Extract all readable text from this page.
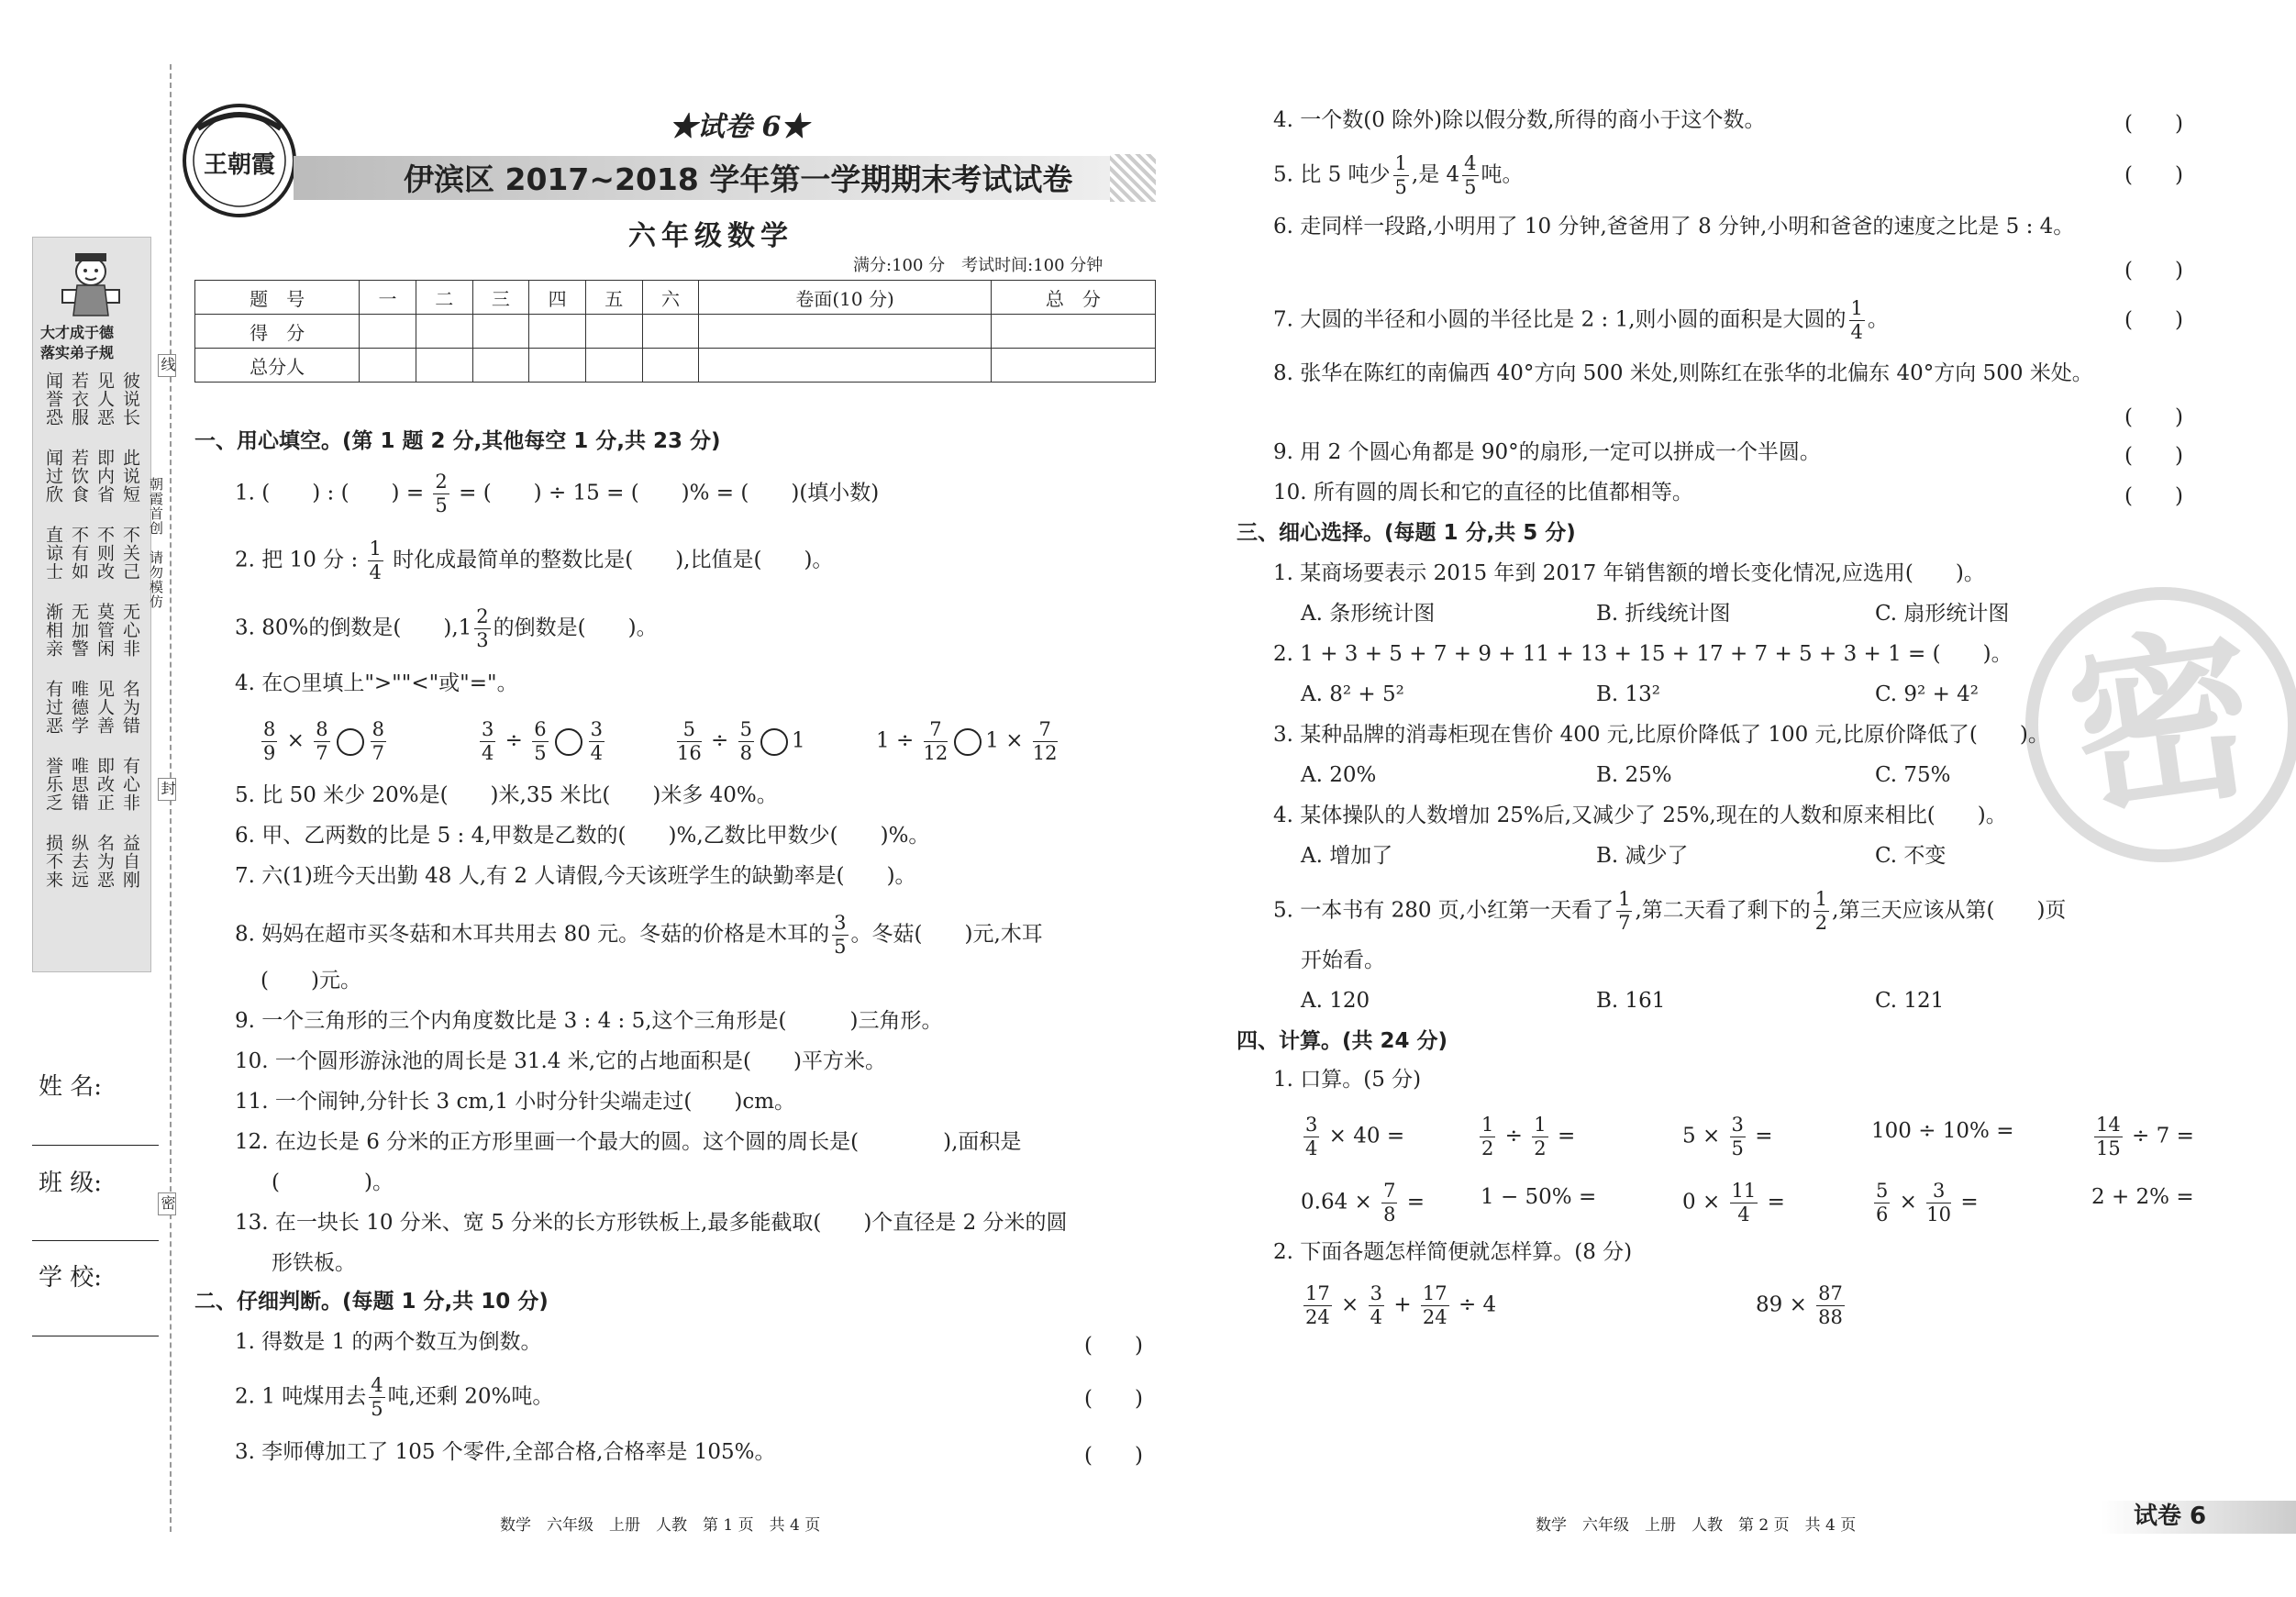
大才成于德
落实弟子规
闻誉恐 若衣服 见人恶 彼说长
闻过欣 若饮食 即内省 此说短
直谅士 不有如 不则改 不关己
渐相亲 无加警 莫管闲 无心非
有过恶 唯德学 见人善 名为错
誉乐乏 唯思错 即改正 有心非
损不来 纵去远 名为恶 益自刚
姓 名:
班 级:
学 校:
线
封
密
朝霞首创　请勿模仿
王朝霞
★试卷 6★
伊滨区 2017~2018 学年第一学期期末考试试卷
六年级数学
满分:100 分　考试时间:100 分钟
题　号	一	二	三	四	五	六	卷面(10 分)	总　分
得　分								
总分人								
一、用心填空。(第 1 题 2 分,其他每空 1 分,共 23 分)
1. (　　) : (　　) = $\frac{2}{5}$ = (　　) ÷ 15 = (　　)% = (　　)(填小数)
2. 把 10 分 : $\frac{1}{4}$ 时化成最简单的整数比是(　　),比值是(　　)。
3. 80%的倒数是(　　)$,1 \frac{2}{3}$ 的倒数是(　　)。
4. 在○里填上">""<"或"="。
$\frac{8}{9} \times \frac{8}{7} \frac{8}{7}$	$\frac{3}{4} \div \frac{6}{5} \frac{3}{4}$	$\frac{5}{16} \div \frac{5}{8} 1$	$1 \div \frac{7}{12} 1 \times \frac{7}{12}$
5. 比 50 米少 20%是(　　)米,35 米比(　　)米多 40%。
6. 甲、乙两数的比是 5 : 4,甲数是乙数的(　　)%,乙数比甲数少(　　)%。
7. 六(1)班今天出勤 48 人,有 2 人请假,今天该班学生的缺勤率是(　　)。
8. 妈妈在超市买冬菇和木耳共用去 80 元。冬菇的价格是木耳的 $\frac{3}{5}$ 。冬菇(　　)元,木耳
(　　)元。
9. 一个三角形的三个内角度数比是 3 : 4 : 5,这个三角形是(　　　)三角形。
10. 一个圆形游泳池的周长是 31.4 米,它的占地面积是(　　)平方米。
11. 一个闹钟,分针长 3 cm,1 小时分针尖端走过(　　)cm。
12. 在边长是 6 分米的正方形里画一个最大的圆。这个圆的周长是(　　　　),面积是
(　　　　)。
13. 在一块长 10 分米、宽 5 分米的长方形铁板上,最多能截取(　　)个直径是 2 分米的圆
形铁板。
二、仔细判断。(每题 1 分,共 10 分)
1. 得数是 1 的两个数互为倒数。	(　　)
2. 1 吨煤用去 $\frac{4}{5}$ 吨,还剩 20%吨。	(　　)
3. 李师傅加工了 105 个零件,全部合格,合格率是 105%。	(　　)
数学　六年级　上册　人教　第 1 页　共 4 页
4. 一个数(0 除外)除以假分数,所得的商小于这个数。	(　　)
5. 比 5 吨少 $\frac{1}{5}$ ,是 $4 \frac{4}{5}$ 吨。	(　　)
6. 走同样一段路,小明用了 10 分钟,爸爸用了 8 分钟,小明和爸爸的速度之比是 5 : 4。
(　　)
7. 大圆的半径和小圆的半径比是 2 : 1,则小圆的面积是大圆的 $\frac{1}{4}$ 。	(　　)
8. 张华在陈红的南偏西 40°方向 500 米处,则陈红在张华的北偏东 40°方向 500 米处。
(　　)
9. 用 2 个圆心角都是 90°的扇形,一定可以拼成一个半圆。	(　　)
10. 所有圆的周长和它的直径的比值都相等。	(　　)
密
三、细心选择。(每题 1 分,共 5 分)
1. 某商场要表示 2015 年到 2017 年销售额的增长变化情况,应选用(　　)。
A. 条形统计图	B. 折线统计图	C. 扇形统计图
2. 1 + 3 + 5 + 7 + 9 + 11 + 13 + 15 + 17 + 7 + 5 + 3 + 1 = (　　)。
A. 8² + 5²	B. 13²	C. 9² + 4²
3. 某种品牌的消毒柜现在售价 400 元,比原价降低了 100 元,比原价降低了(　　)。
A. 20%	B. 25%	C. 75%
4. 某体操队的人数增加 25%后,又减少了 25%,现在的人数和原来相比(　　)。
A. 增加了	B. 减少了	C. 不变
5. 一本书有 280 页,小红第一天看了 $\frac{1}{7}$ ,第二天看了剩下的 $\frac{1}{2}$ ,第三天应该从第(　　)页
开始看。
A. 120	B. 161	C. 121
四、计算。(共 24 分)
1. 口算。(5 分)
$\frac{3}{4} \times 40$ =	$\frac{1}{2} \div \frac{1}{2}$ =	$5 \times \frac{3}{5}$ =	100 ÷ 10% =	$\frac{14}{15} \div 7$ =
$0.64 \times \frac{7}{8}$ =	1 − 50% =	$0 \times \frac{11}{4}$ =	$\frac{5}{6} \times \frac{3}{10}$ =	2 + 2% =
2. 下面各题怎样简便就怎样算。(8 分)
$\frac{17}{24} \times \frac{3}{4} + \frac{17}{24} \div 4$	$89 \times \frac{87}{88}$
数学　六年级　上册　人教　第 2 页　共 4 页	试卷 6
